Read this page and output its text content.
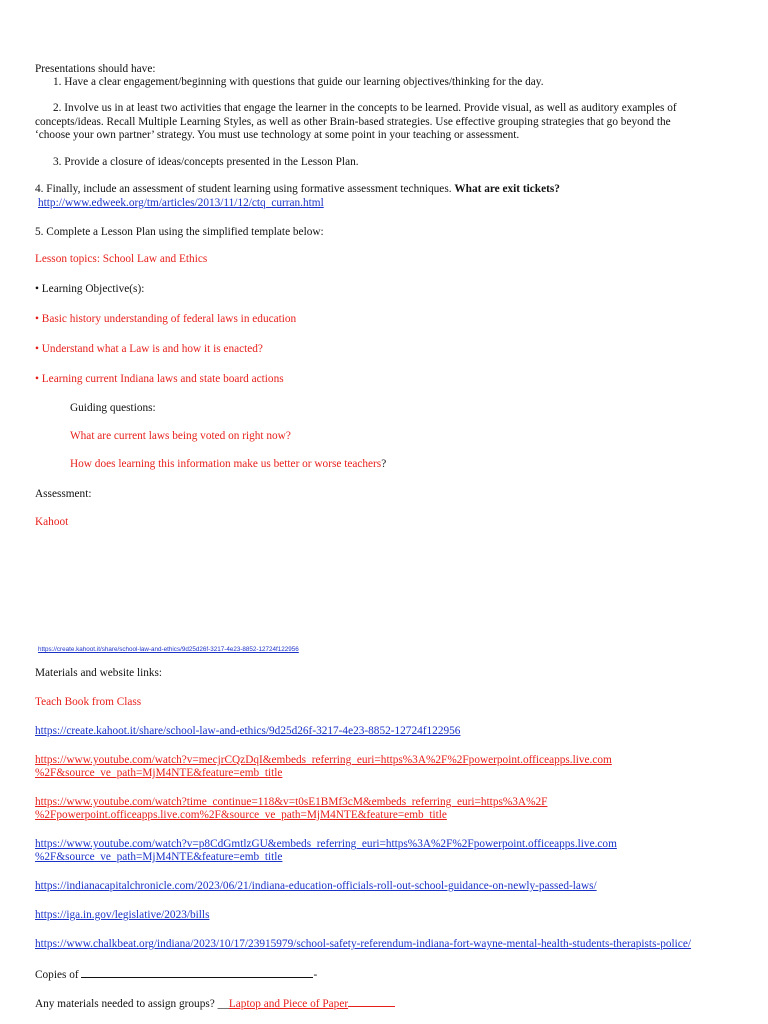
Presentations should have:
1. Have a clear engagement/beginning with questions that guide our learning objectives/thinking for the day.
2. Involve us in at least two activities that engage the learner in the concepts to be learned. Provide visual, as well as auditory examples of
concepts/ideas. Recall Multiple Learning Styles, as well as other Brain-based strategies. Use effective grouping strategies that go beyond the
‘choose your own partner’ strategy. You must use technology at some point in your teaching or assessment.
3. Provide a closure of ideas/concepts presented in the Lesson Plan.
4. Finally, include an assessment of student learning using formative assessment techniques. What are exit tickets?
http://www.edweek.org/tm/articles/2013/11/12/ctq_curran.html
5. Complete a Lesson Plan using the simplified template below:
Lesson topics: School Law and Ethics
• Learning Objective(s):
• Basic history understanding of federal laws in education
• Understand what a Law is and how it is enacted?
• Learning current Indiana laws and state board actions
Guiding questions:
What are current laws being voted on right now?
How does learning this information make us better or worse teachers?
Assessment:
Kahoot
https://create.kahoot.it/share/school-law-and-ethics/9d25d26f-3217-4e23-8852-12724f122956
Materials and website links:
Teach Book from Class
https://create.kahoot.it/share/school-law-and-ethics/9d25d26f-3217-4e23-8852-12724f122956
https://www.youtube.com/watch?v=mecjrCQzDqI&embeds_referring_euri=https%3A%2F%2Fpowerpoint.officeapps.live.com
%2F&source_ve_path=MjM4NTE&feature=emb_title
https://www.youtube.com/watch?time_continue=118&v=t0sE1BMf3cM&embeds_referring_euri=https%3A%2F
%2Fpowerpoint.officeapps.live.com%2F&source_ve_path=MjM4NTE&feature=emb_title
https://www.youtube.com/watch?v=p8CdGmtlzGU&embeds_referring_euri=https%3A%2F%2Fpowerpoint.officeapps.live.com
%2F&source_ve_path=MjM4NTE&feature=emb_title
https://indianacapitalchronicle.com/2023/06/21/indiana-education-officials-roll-out-school-guidance-on-newly-passed-laws/
https://iga.in.gov/legislative/2023/bills
https://www.chalkbeat.org/indiana/2023/10/17/23915979/school-safety-referendum-indiana-fort-wayne-mental-health-students-therapists-police/
Copies of	-
Any materials needed to assign groups? __Laptop and Piece of Paper
